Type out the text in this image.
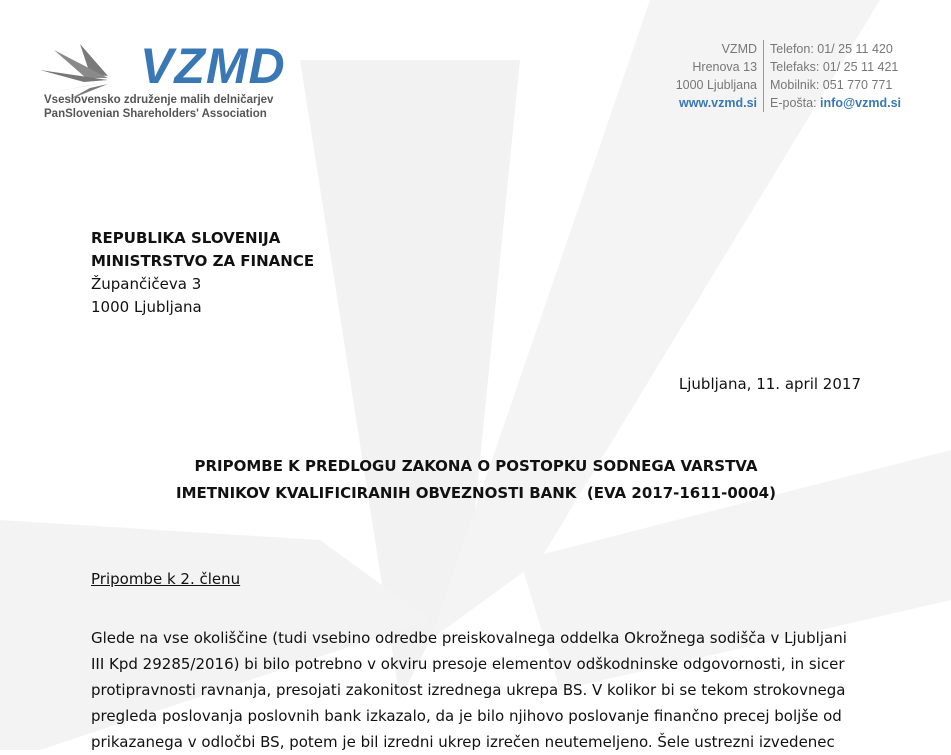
VZMD
Vseslovensko združenje malih delničarjev
PanSlovenian Shareholders' Association
VZMD
Hrenova 13
1000 Ljubljana
www.vzmd.si
Telefon: 01/ 25 11 420
Telefaks: 01/ 25 11 421
Mobilnik: 051 770 771
E-pošta: info@vzmd.si
REPUBLIKA SLOVENIJA
MINISTRSTVO ZA FINANCE
Župančičeva 3
1000 Ljubljana
Ljubljana, 11. april 2017
PRIPOMBE K PREDLOGU ZAKONA O POSTOPKU SODNEGA VARSTVA
IMETNIKOV KVALIFICIRANIH OBVEZNOSTI BANK  (EVA 2017-1611-0004)
Pripombe k 2. členu

Glede na vse okoliščine (tudi vsebino odredbe preiskovalnega oddelka Okrožnega sodišča v Ljubljani

III Kpd 29285/2016) bi bilo potrebno v okviru presoje elementov odškodninske odgovornosti, in sicer

protipravnosti ravnanja, presojati zakonitost izrednega ukrepa BS. V kolikor bi se tekom strokovnega

pregleda poslovanja poslovnih bank izkazalo, da je bilo njihovo poslovanje finančno precej boljše od

prikazanega v odločbi BS, potem je bil izredni ukrep izrečen neutemeljeno. Šele ustrezni izvedenec
